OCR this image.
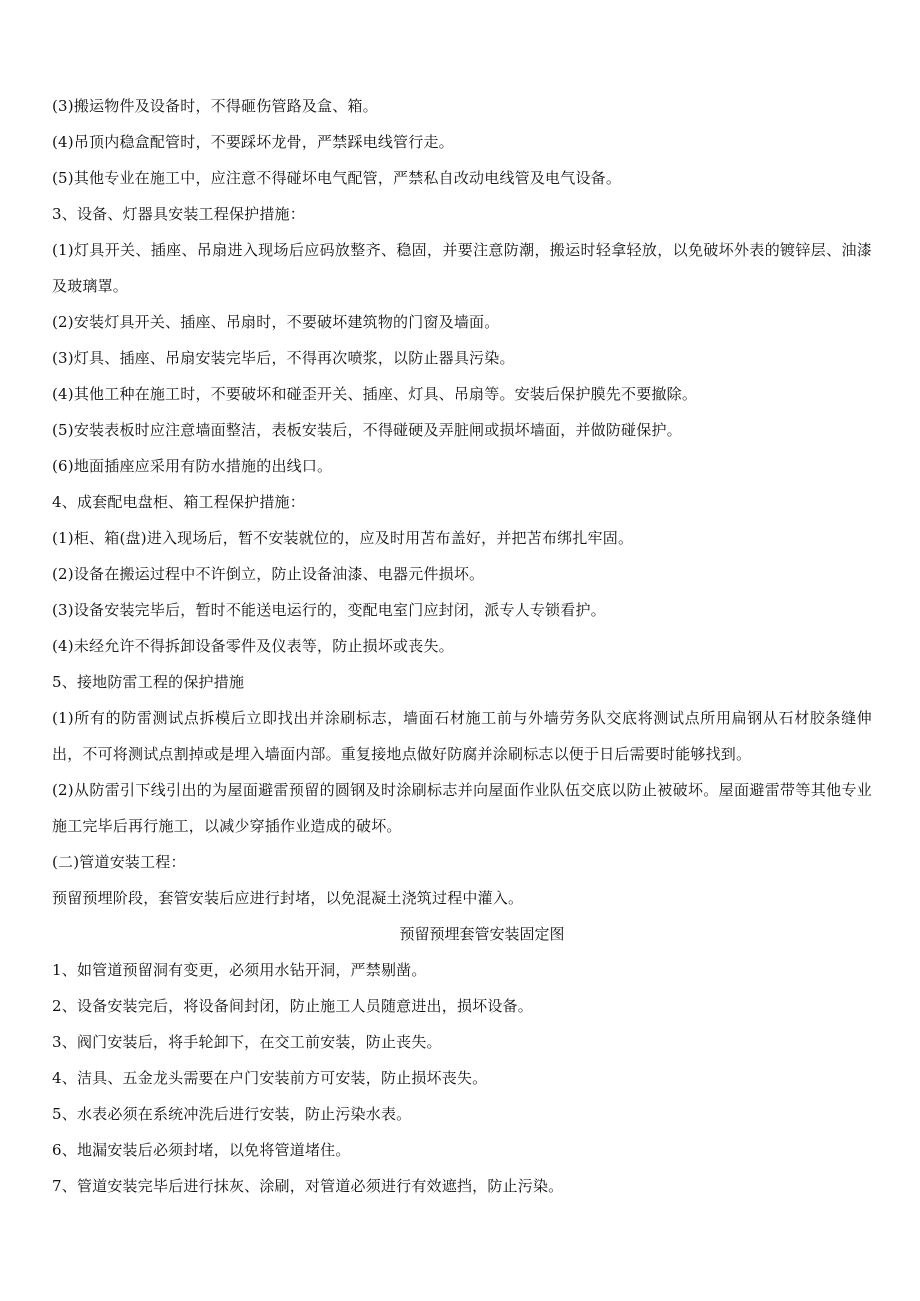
(3)搬运物件及设备时，不得砸伤管路及盒、箱。
(4)吊顶内稳盒配管时，不要踩坏龙骨，严禁踩电线管行走。
(5)其他专业在施工中，应注意不得碰坏电气配管，严禁私自改动电线管及电气设备。
3、设备、灯器具安装工程保护措施：
(1)灯具开关、插座、吊扇进入现场后应码放整齐、稳固，并要注意防潮，搬运时轻拿轻放，以免破坏外表的镀锌层、油漆及玻璃罩。
(2)安装灯具开关、插座、吊扇时，不要破坏建筑物的门窗及墙面。
(3)灯具、插座、吊扇安装完毕后，不得再次喷浆，以防止器具污染。
(4)其他工种在施工时，不要破坏和碰歪开关、插座、灯具、吊扇等。安装后保护膜先不要撤除。
(5)安装表板时应注意墙面整洁，表板安装后，不得碰硬及弄脏闸或损坏墙面，并做防碰保护。
(6)地面插座应采用有防水措施的出线口。
4、成套配电盘柜、箱工程保护措施：
(1)柜、箱(盘)进入现场后，暂不安装就位的，应及时用苫布盖好，并把苫布绑扎牢固。
(2)设备在搬运过程中不许倒立，防止设备油漆、电器元件损坏。
(3)设备安装完毕后，暂时不能送电运行的，变配电室门应封闭，派专人专锁看护。
(4)未经允许不得拆卸设备零件及仪表等，防止损坏或丧失。
5、接地防雷工程的保护措施
(1)所有的防雷测试点拆模后立即找出并涂刷标志，墙面石材施工前与外墙劳务队交底将测试点所用扁钢从石材胶条缝伸出，不可将测试点割掉或是埋入墙面内部。重复接地点做好防腐并涂刷标志以便于日后需要时能够找到。
(2)从防雷引下线引出的为屋面避雷预留的圆钢及时涂刷标志并向屋面作业队伍交底以防止被破坏。屋面避雷带等其他专业施工完毕后再行施工，以减少穿插作业造成的破坏。
(二)管道安装工程：
预留预埋阶段，套管安装后应进行封堵，以免混凝土浇筑过程中灌入。
预留预埋套管安装固定图
1、如管道预留洞有变更，必须用水钻开洞，严禁剔凿。
2、设备安装完后，将设备间封闭，防止施工人员随意进出，损坏设备。
3、阀门安装后，将手轮卸下，在交工前安装，防止丧失。
4、洁具、五金龙头需要在户门安装前方可安装，防止损坏丧失。
5、水表必须在系统冲洗后进行安装，防止污染水表。
6、地漏安装后必须封堵，以免将管道堵住。
7、管道安装完毕后进行抹灰、涂刷，对管道必须进行有效遮挡，防止污染。
